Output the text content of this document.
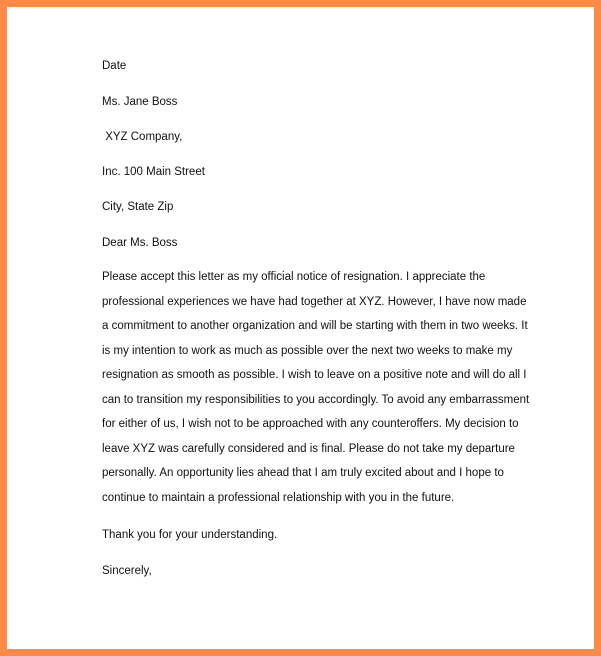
Date
Ms. Jane Boss
XYZ Company,
Inc. 100 Main Street
City, State Zip
Dear Ms. Boss
Please accept this letter as my official notice of resignation. I appreciate the
professional experiences we have had together at XYZ. However, I have now made
a commitment to another organization and will be starting with them in two weeks. It
is my intention to work as much as possible over the next two weeks to make my
resignation as smooth as possible. I wish to leave on a positive note and will do all I
can to transition my responsibilities to you accordingly. To avoid any embarrassment
for either of us, I wish not to be approached with any counteroffers. My decision to
leave XYZ was carefully considered and is final. Please do not take my departure
personally. An opportunity lies ahead that I am truly excited about and I hope to
continue to maintain a professional relationship with you in the future.
Thank you for your understanding.
Sincerely,
